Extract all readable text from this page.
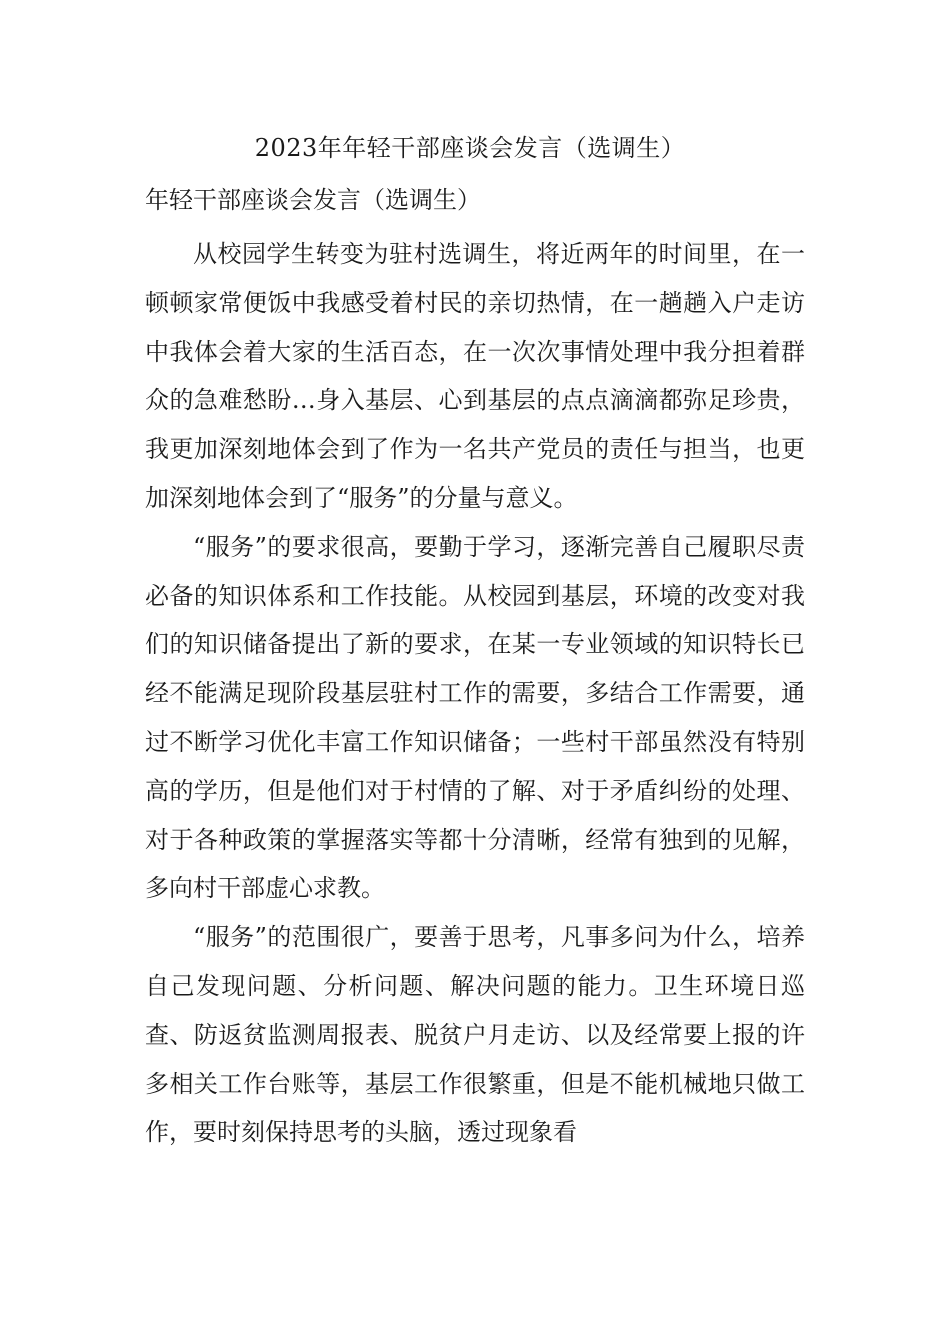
2023年年轻干部座谈会发言（选调生）
年轻干部座谈会发言（选调生）

从校园学生转变为驻村选调生，将近两年的时间里，在一顿顿家常便饭中我感受着村民的亲切热情，在一趟趟入户走访中我体会着大家的生活百态，在一次次事情处理中我分担着群众的急难愁盼…身入基层、心到基层的点点滴滴都弥足珍贵，我更加深刻地体会到了作为一名共产党员的责任与担当，也更加深刻地体会到了“服务”的分量与意义。

“服务”的要求很高，要勤于学习，逐渐完善自己履职尽责必备的知识体系和工作技能。从校园到基层，环境的改变对我们的知识储备提出了新的要求，在某一专业领域的知识特长已经不能满足现阶段基层驻村工作的需要，多结合工作需要，通过不断学习优化丰富工作知识储备；一些村干部虽然没有特别高的学历，但是他们对于村情的了解、对于矛盾纠纷的处理、对于各种政策的掌握落实等都十分清晰，经常有独到的见解，多向村干部虚心求教。

“服务”的范围很广，要善于思考，凡事多问为什么，培养自己发现问题、分析问题、解决问题的能力。卫生环境日巡查、防返贫监测周报表、脱贫户月走访、以及经常要上报的许多相关工作台账等，基层工作很繁重，但是不能机械地只做工作，要时刻保持思考的头脑，透过现象看
